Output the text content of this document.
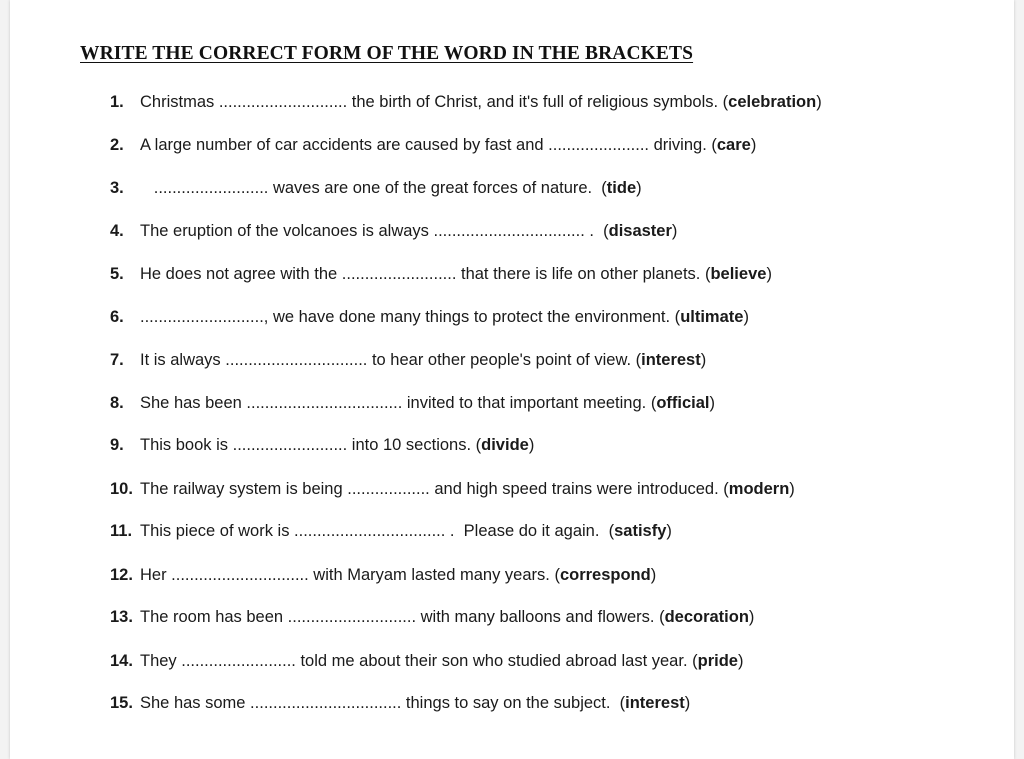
WRITE THE CORRECT FORM OF THE WORD IN THE BRACKETS
1. Christmas ............................ the birth of Christ, and it's full of religious symbols. (celebration)
2. A large number of car accidents are caused by fast and ...................... driving. (care)
3.   ......................... waves are one of the great forces of nature.  (tide)
4. The eruption of the volcanoes is always ................................. .  (disaster)
5. He does not agree with the ......................... that there is life on other planets. (believe)
6. ..........................., we have done many things to protect the environment. (ultimate)
7. It is always ............................... to hear other people's point of view. (interest)
8. She has been .................................. invited to that important meeting. (official)
9. This book is ......................... into 10 sections. (divide)
10. The railway system is being .................. and high speed trains were introduced. (modern)
11. This piece of work is ................................. .  Please do it again.  (satisfy)
12. Her .............................. with Maryam lasted many years. (correspond)
13. The room has been ............................ with many balloons and flowers. (decoration)
14. They ......................... told me about their son who studied abroad last year. (pride)
15. She has some ................................. things to say on the subject.  (interest)
